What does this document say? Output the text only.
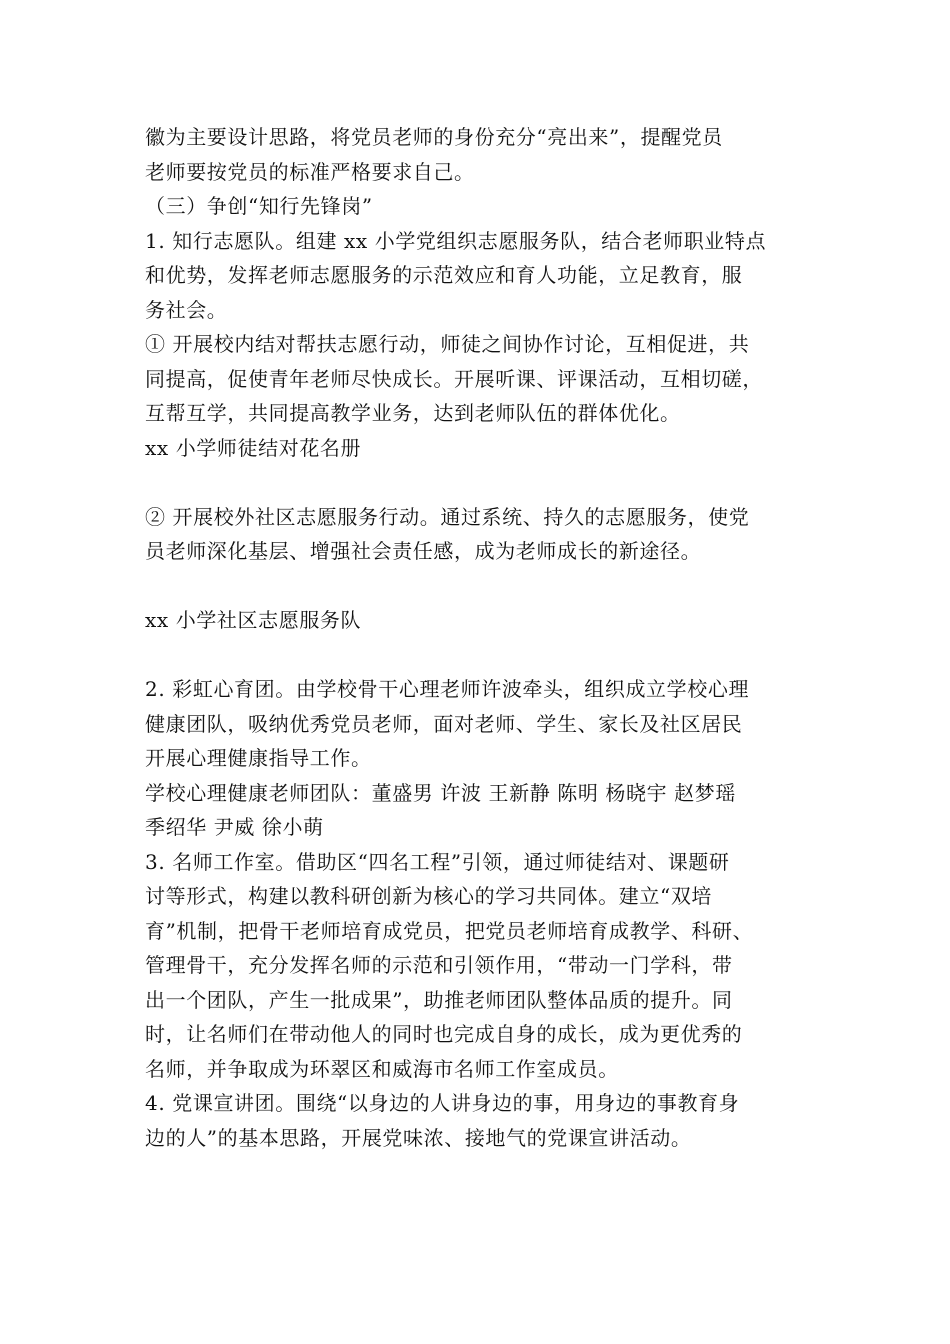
徽为主要设计思路，将党员老师的身份充分“亮出来”，提醒党员
老师要按党员的标准严格要求自己。
（三）争创“知行先锋岗”
1. 知行志愿队。组建 xx 小学党组织志愿服务队，结合老师职业特点
和优势，发挥老师志愿服务的示范效应和育人功能，立足教育，服
务社会。
① 开展校内结对帮扶志愿行动，师徒之间协作讨论，互相促进，共
同提高，促使青年老师尽快成长。开展听课、评课活动，互相切磋，
互帮互学，共同提高教学业务，达到老师队伍的群体优化。
xx 小学师徒结对花名册
② 开展校外社区志愿服务行动。通过系统、持久的志愿服务，使党
员老师深化基层、增强社会责任感，成为老师成长的新途径。
xx 小学社区志愿服务队
2. 彩虹心育团。由学校骨干心理老师许波牵头，组织成立学校心理
健康团队，吸纳优秀党员老师，面对老师、学生、家长及社区居民
开展心理健康指导工作。
学校心理健康老师团队：董盛男 许波 王新静 陈明 杨晓宇 赵梦瑶
季绍华 尹威 徐小萌
3. 名师工作室。借助区“四名工程”引领，通过师徒结对、课题研
讨等形式，构建以教科研创新为核心的学习共同体。建立“双培
育”机制，把骨干老师培育成党员，把党员老师培育成教学、科研、
管理骨干，充分发挥名师的示范和引领作用，“带动一门学科，带
出一个团队，产生一批成果”，助推老师团队整体品质的提升。同
时，让名师们在带动他人的同时也完成自身的成长，成为更优秀的
名师，并争取成为环翠区和威海市名师工作室成员。
4. 党课宣讲团。围绕“以身边的人讲身边的事，用身边的事教育身
边的人”的基本思路，开展党味浓、接地气的党课宣讲活动。
